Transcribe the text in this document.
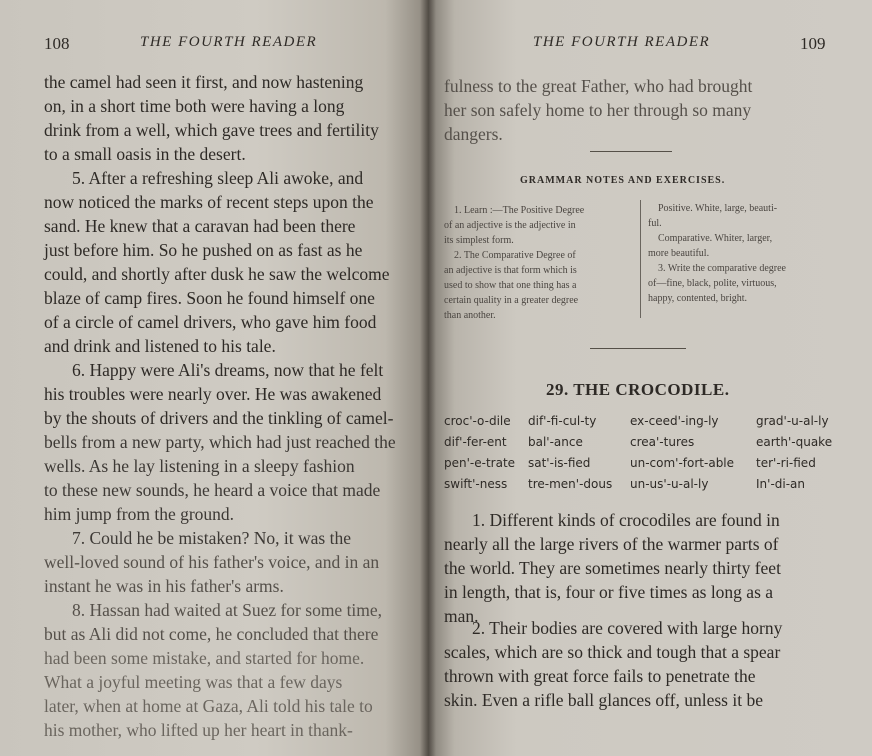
108	THE FOURTH READER
the camel had seen it first, and now hastening
on, in a short time both were having a long
drink from a well, which gave trees and fertility
to a small oasis in the desert.
5. After a refreshing sleep Ali awoke, and
now noticed the marks of recent steps upon the
sand. He knew that a caravan had been there
just before him. So he pushed on as fast as he
could, and shortly after dusk he saw the welcome
blaze of camp fires. Soon he found himself one
of a circle of camel drivers, who gave him food
and drink and listened to his tale.
6. Happy were Ali's dreams, now that he felt
his troubles were nearly over. He was awakened
by the shouts of drivers and the tinkling of camel-
bells from a new party, which had just reached the
wells. As he lay listening in a sleepy fashion
to these new sounds, he heard a voice that made
him jump from the ground.
7. Could he be mistaken? No, it was the
well-loved sound of his father's voice, and in an
instant he was in his father's arms.
8. Hassan had waited at Suez for some time,
but as Ali did not come, he concluded that there
had been some mistake, and started for home.
What a joyful meeting was that a few days
later, when at home at Gaza, Ali told his tale to
his mother, who lifted up her heart in thank-
THE FOURTH READER	109
fulness to the great Father, who had brought
her son safely home to her through so many
dangers.
GRAMMAR NOTES AND EXERCISES.
1. Learn :—The Positive Degree
of an adjective is the adjective in
its simplest form.
2. The Comparative Degree of
an adjective is that form which is
used to show that one thing has a
certain quality in a greater degree
than another.
Positive. White, large, beauti-
ful.
Comparative. Whiter, larger,
more beautiful.
3. Write the comparative degree
of—fine, black, polite, virtuous,
happy, contented, bright.
29. THE CROCODILE.
croc'-o-dile
dif'-fer-ent
pen'-e-trate
swift'-ness
dif'-fi-cul-ty
bal'-ance
sat'-is-fied
tre-men'-dous
ex-ceed'-ing-ly
crea'-tures
un-com'-fort-able
un-us'-u-al-ly
grad'-u-al-ly
earth'-quake
ter'-ri-fied
In'-di-an
1. Different kinds of crocodiles are found in
nearly all the large rivers of the warmer parts of
the world. They are sometimes nearly thirty feet
in length, that is, four or five times as long as a
man.
2. Their bodies are covered with large horny
scales, which are so thick and tough that a spear
thrown with great force fails to penetrate the
skin. Even a rifle ball glances off, unless it be
